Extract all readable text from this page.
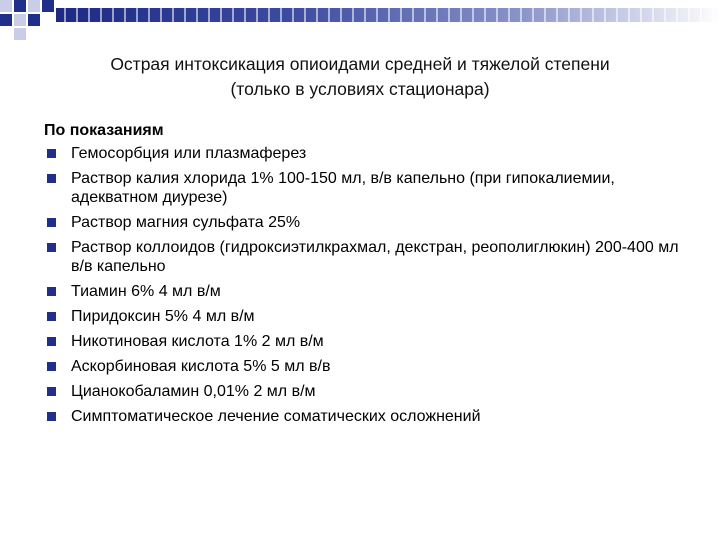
Острая интоксикация опиоидами средней и тяжелой степени
(только в условиях стационара)
По показаниям
Гемосорбция или плазмаферез
Раствор калия хлорида 1% 100-150 мл, в/в капельно (при гипокалиемии, адекватном диурезе)
Раствор магния сульфата 25%
Раствор коллоидов (гидроксиэтилкрахмал, декстран, реополиглюкин) 200-400 мл в/в капельно
Тиамин 6% 4 мл в/м
Пиридоксин 5% 4 мл в/м
Никотиновая кислота 1% 2 мл в/м
Аскорбиновая кислота 5% 5 мл в/в
Цианокобаламин 0,01% 2 мл в/м
Симптоматическое лечение соматических осложнений
